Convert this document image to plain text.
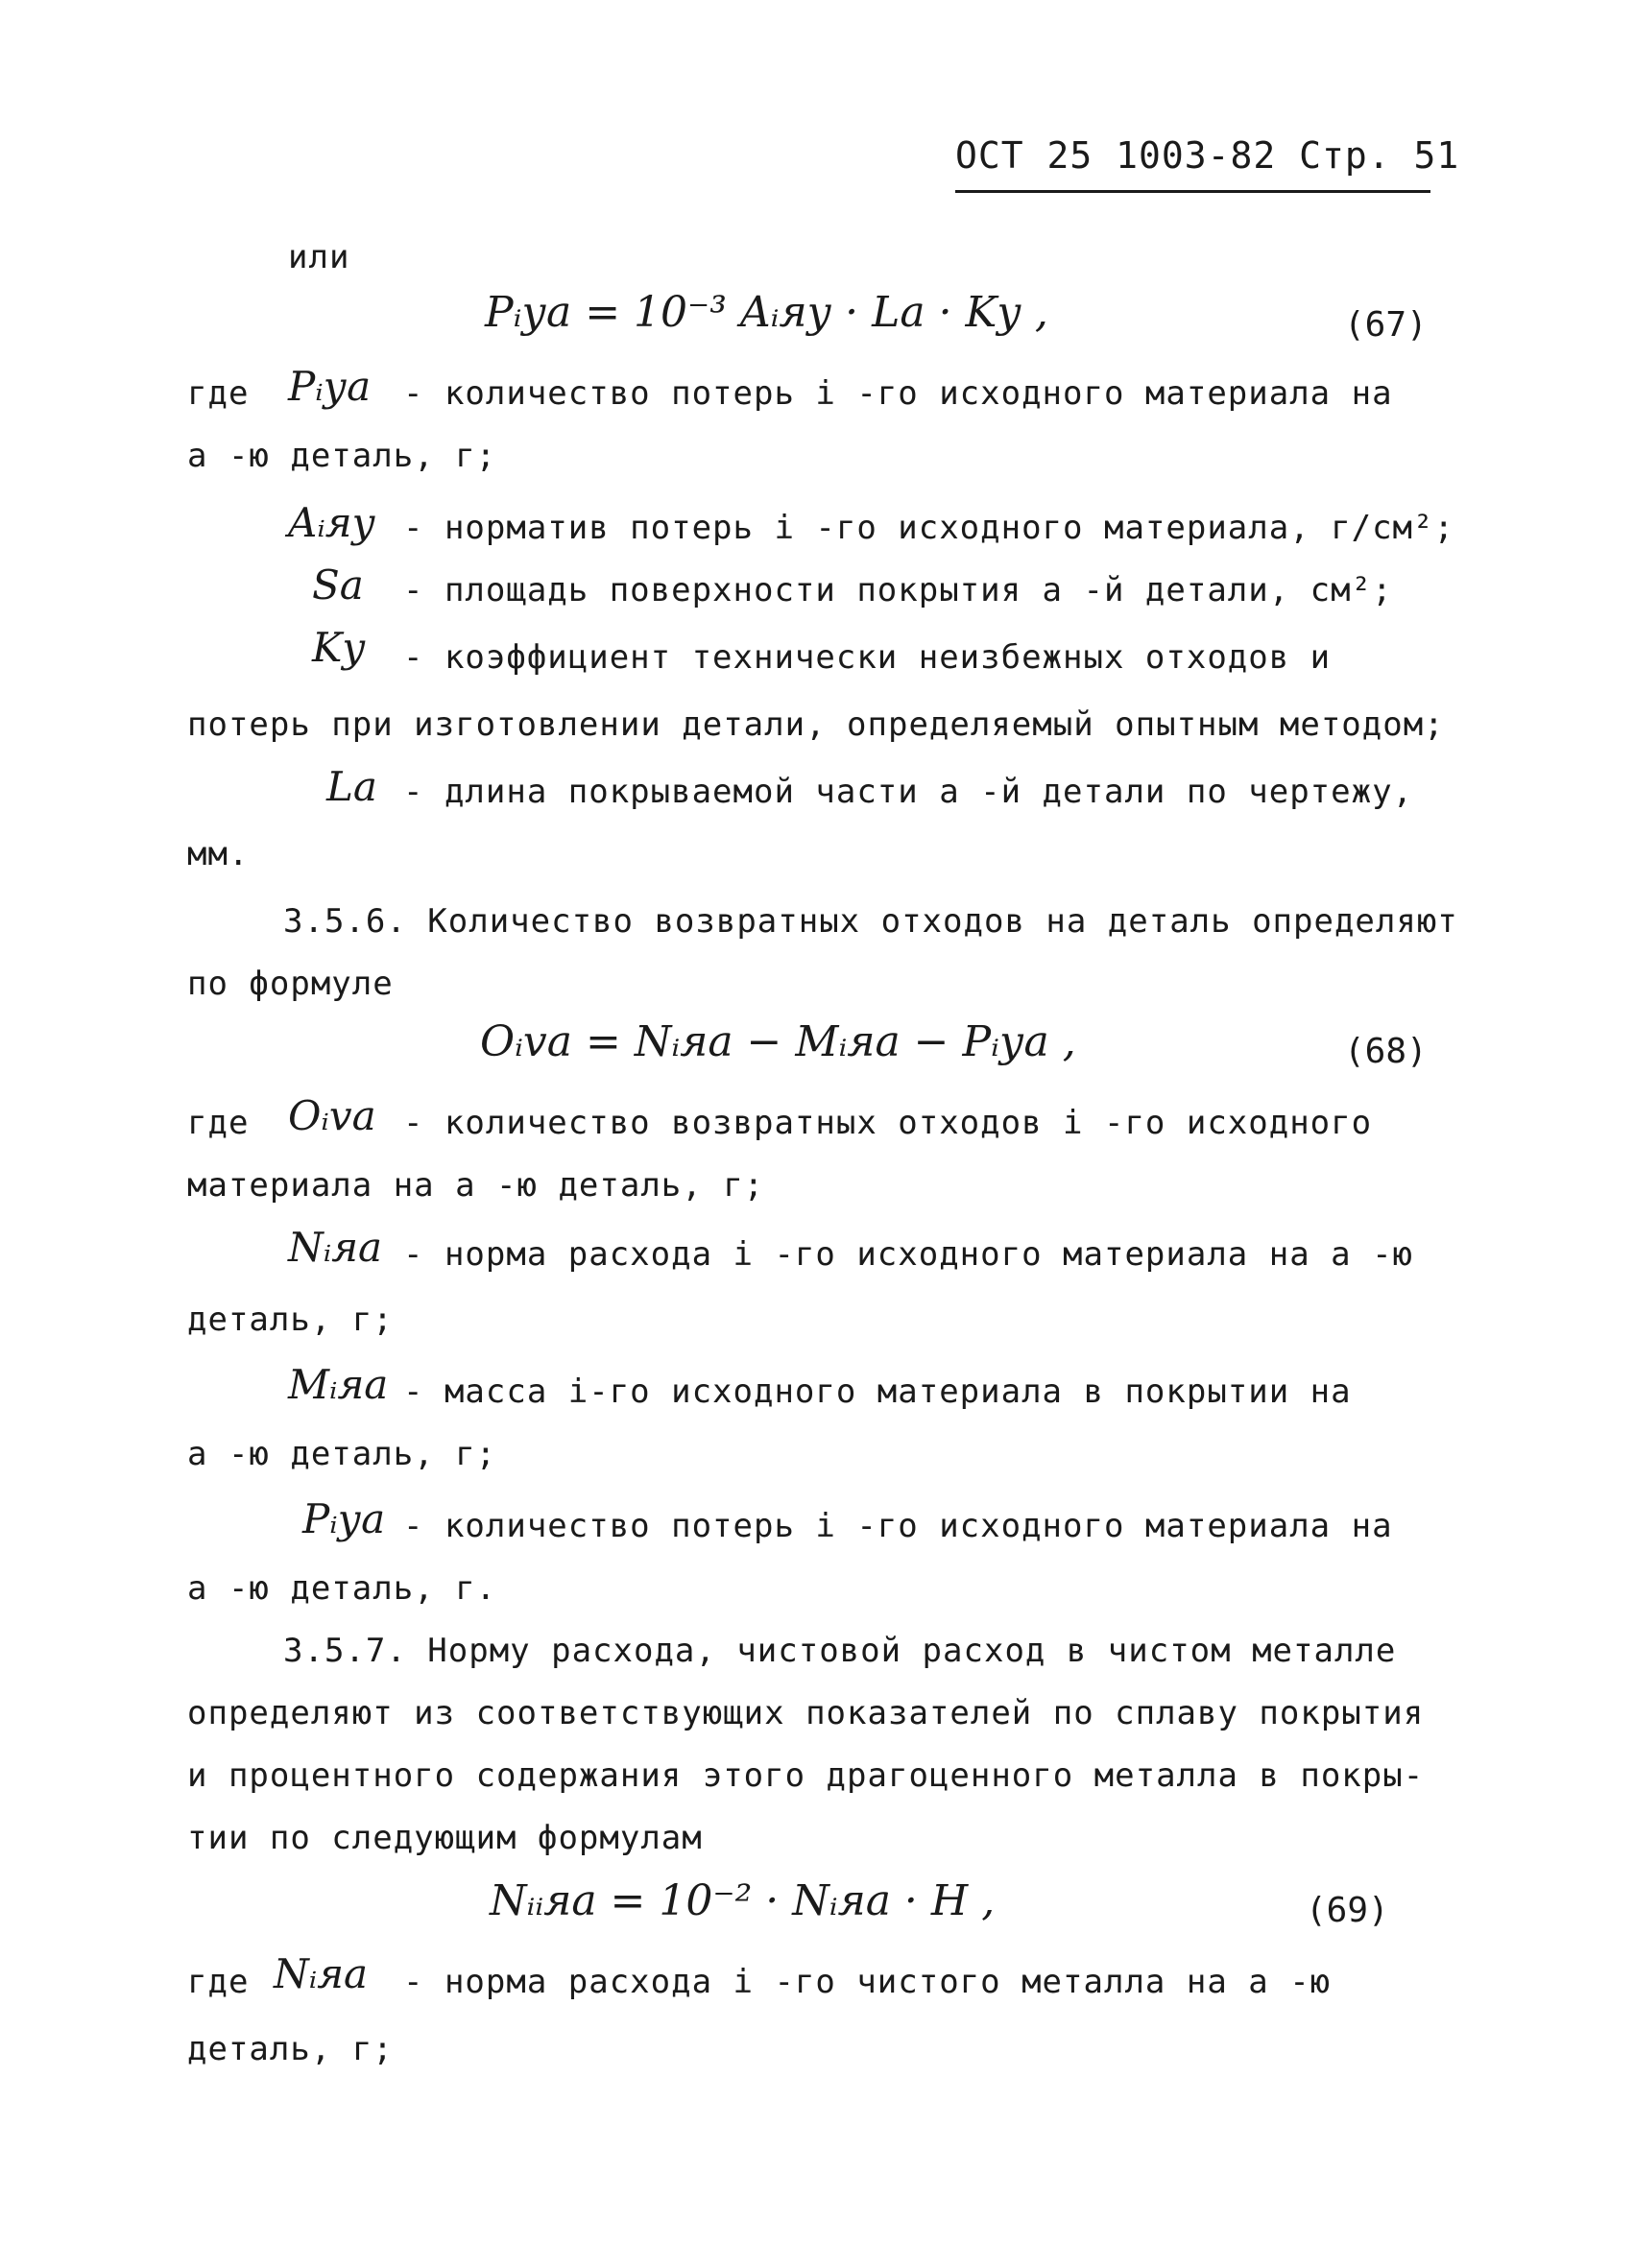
ОСТ 25 1003-82 Стр. 51
или
Pᵢуа = 10⁻³ Aᵢяу · La · Kу ,	(67)
где Pᵢуа - количество потерь i -го исходного материала на
а -ю деталь, г;
Aᵢяу - норматив потерь i -го исходного материала, г/см²;
Sа - площадь поверхности покрытия а -й детали, см²;
Kу - коэффициент технически неизбежных отходов и
потерь при изготовлении детали, определяемый опытным методом;
Lа - длина покрываемой части а -й детали по чертежу,
мм.
3.5.6. Количество возвратных отходов на деталь определяют
по формуле
Oᵢvа = Nᵢяа − Mᵢяа − Pᵢуа ,	(68)
где Oᵢvа - количество возвратных отходов i -го исходного
материала на а -ю деталь, г;
Nᵢяа - норма расхода i -го исходного материала на а -ю
деталь, г;
Mᵢяа - масса i-го исходного материала в покрытии на
а -ю деталь, г;
Pᵢуа - количество потерь i -го исходного материала на
а -ю деталь, г.
3.5.7. Норму расхода, чистовой расход в чистом металле
определяют из соответствующих показателей по сплаву покрытия
и процентного содержания этого драгоценного металла в покры-
тии по следующим формулам
Nᵢᵢяа = 10⁻² · Nᵢяа · H ,	(69)
где Nᵢяа - норма расхода i -го чистого металла на а -ю
деталь, г;
